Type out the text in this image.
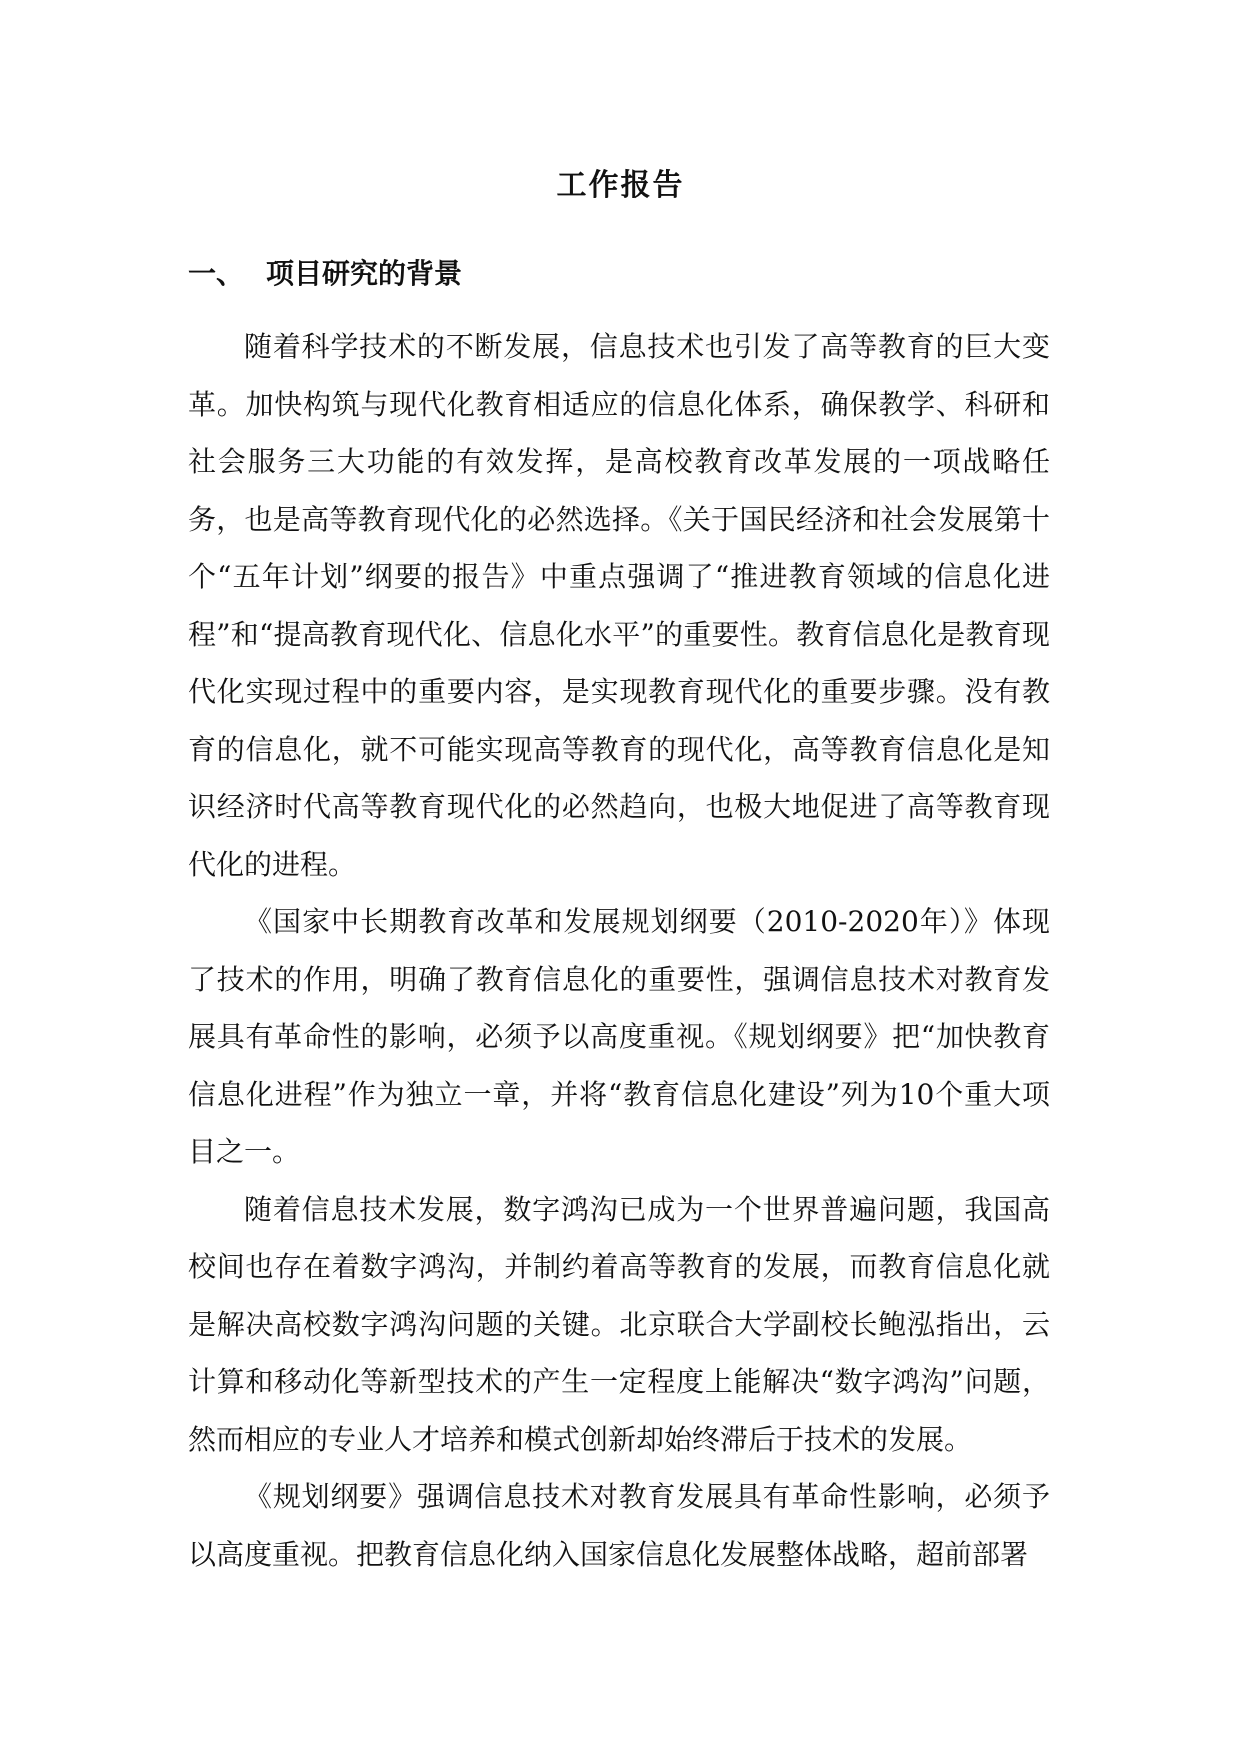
工作报告
一、 项目研究的背景

随着科学技术的不断发展，信息技术也引发了高等教育的巨大变革。加快构筑与现代化教育相适应的信息化体系，确保教学、科研和社会服务三大功能的有效发挥，是高校教育改革发展的一项战略任务，也是高等教育现代化的必然选择。《关于国民经济和社会发展第十个“五年计划”纲要的报告》中重点强调了“推进教育领域的信息化进程”和“提高教育现代化、信息化水平”的重要性。教育信息化是教育现代化实现过程中的重要内容，是实现教育现代化的重要步骤。没有教育的信息化，就不可能实现高等教育的现代化，高等教育信息化是知识经济时代高等教育现代化的必然趋向，也极大地促进了高等教育现代化的进程。

《国家中长期教育改革和发展规划纲要（2010-2020年）》体现了技术的作用，明确了教育信息化的重要性，强调信息技术对教育发展具有革命性的影响，必须予以高度重视。《规划纲要》把“加快教育信息化进程”作为独立一章，并将“教育信息化建设”列为10个重大项目之一。

随着信息技术发展，数字鸿沟已成为一个世界普遍问题，我国高校间也存在着数字鸿沟，并制约着高等教育的发展，而教育信息化就是解决高校数字鸿沟问题的关键。北京联合大学副校长鲍泓指出，云计算和移动化等新型技术的产生一定程度上能解决“数字鸿沟”问题，然而相应的专业人才培养和模式创新却始终滞后于技术的发展。

《规划纲要》强调信息技术对教育发展具有革命性影响，必须予以高度重视。把教育信息化纳入国家信息化发展整体战略，超前部署
